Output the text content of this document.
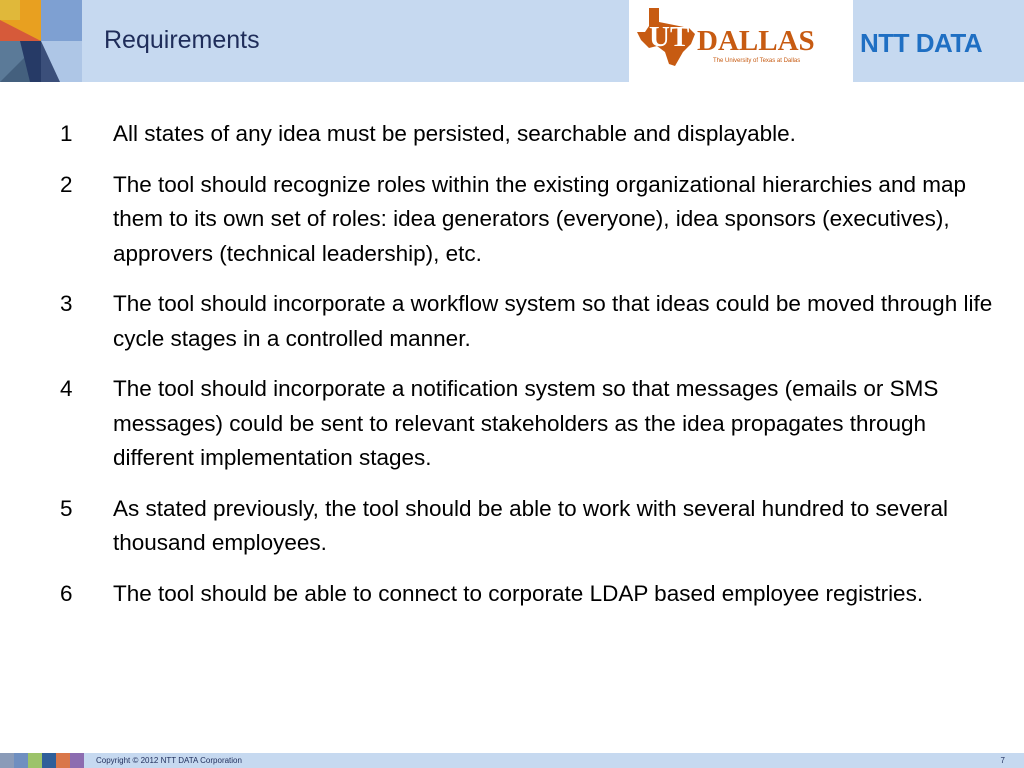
Requirements	UT DALLAS
The University of Texas at Dallas
NTT DATA
1	All states of any idea must be persisted, searchable and displayable.
2	The tool should recognize roles within the existing organizational hierarchies and map them to its own set of roles: idea generators (everyone), idea sponsors (executives), approvers (technical leadership), etc.
3	The tool should incorporate a workflow system so that ideas could be moved through life cycle stages in a controlled manner.
4	The tool should incorporate a notification system so that messages (emails or SMS messages) could be sent to relevant stakeholders as the idea propagates through different implementation stages.
5	As stated previously, the tool should be able to work with several hundred to several thousand employees.
6	The tool should be able to connect to corporate LDAP based employee registries.
Copyright © 2012 NTT DATA Corporation	7
